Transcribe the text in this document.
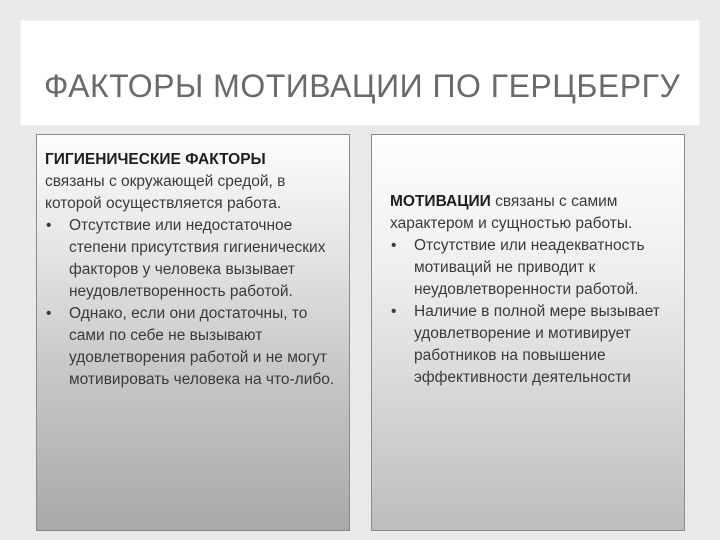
ФАКТОРЫ МОТИВАЦИИ ПО ГЕРЦБЕРГУ

ГИГИЕНИЧЕСКИЕ ФАКТОРЫ
связаны с окружающей средой, в которой осуществляется работа.

• Отсутствие или недостаточное степени присутствия гигиенических факторов у человека вызывает неудовлетворенность работой.
• Однако, если они достаточны, то сами по себе не вызывают удовлетворения работой и не могут мотивировать человека на что-либо.

МОТИВАЦИИ связаны с самим характером и сущностью работы.

• Отсутствие или неадекватность мотиваций не приводит к неудовлетворенности работой.
• Наличие в полной мере вызывает удовлетворение и мотивирует работников на повышение эффективности деятельности
